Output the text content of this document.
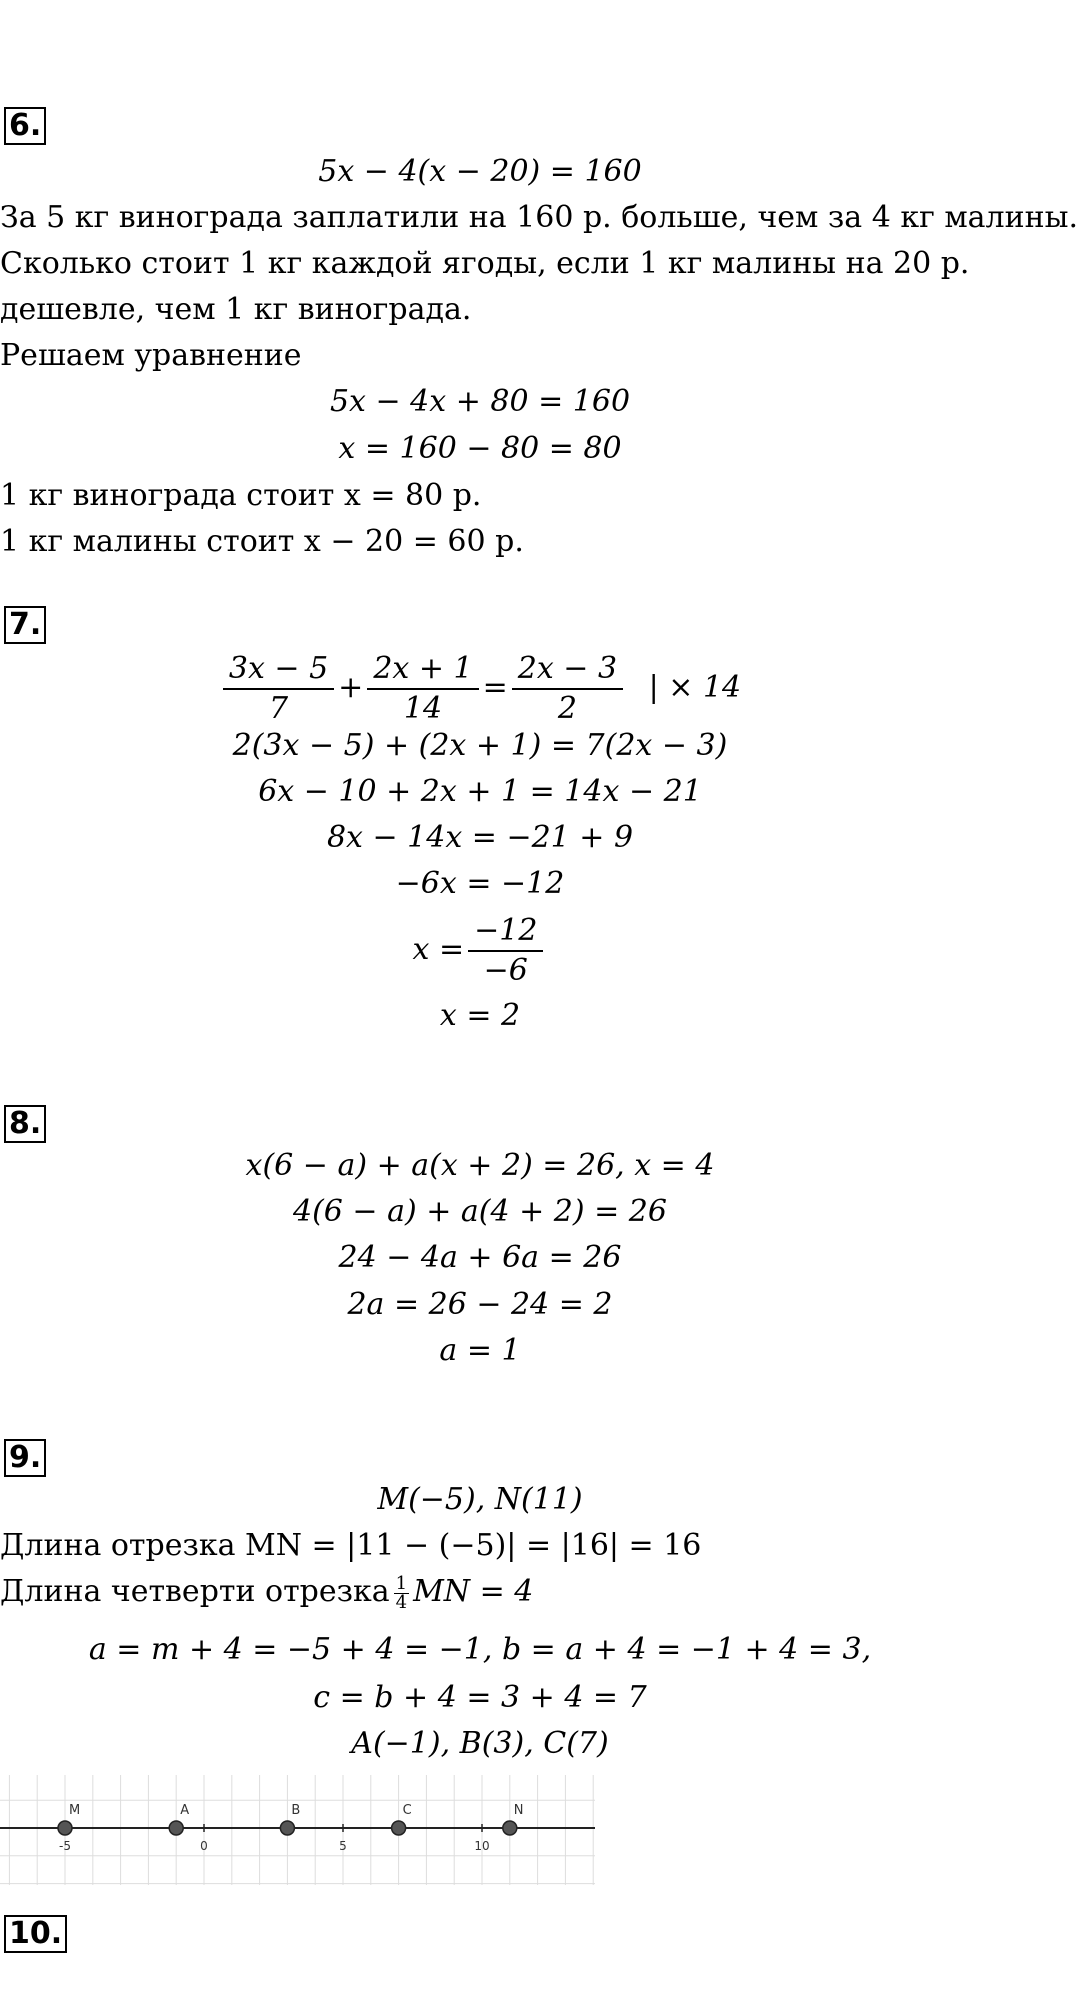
6.
5x − 4(x − 20) = 160
За 5 кг винограда заплатили на 160 р. больше, чем за 4 кг малины.
Сколько стоит 1 кг каждой ягоды, если 1 кг малины на 20 р.
дешевле, чем 1 кг винограда.
Решаем уравнение
5x − 4x + 80 = 160
x = 160 − 80 = 80
1 кг винограда стоит x = 80 р.
1 кг малины стоит x − 20 = 60 р.
7.
$\frac{3x - 5}{7} + \frac{2x + 1}{14} = \frac{2x - 3}{2}$ | × 14
2(3x − 5) + (2x + 1) = 7(2x − 3)
6x − 10 + 2x + 1 = 14x − 21
8x − 14x = −21 + 9
−6x = −12
$x = \frac{-12}{-6}$
x = 2
8.
x(6 − a) + a(x + 2) = 26, x = 4
4(6 − a) + a(4 + 2) = 26
24 − 4a + 6a = 26
2a = 26 − 24 = 2
a = 1
9.
M(−5), N(11)
Длина отрезка MN = |11 − (−5)| = |16| = 16
Длина четверти отрезка $\frac{1}{4}$ MN = 4
a = m + 4 = −5 + 4 = −1, b = a + 4 = −1 + 4 = 3,
c = b + 4 = 3 + 4 = 7
A(−1), B(3), C(7)
-5	0	5	10
M	A	B	C	N
10.
